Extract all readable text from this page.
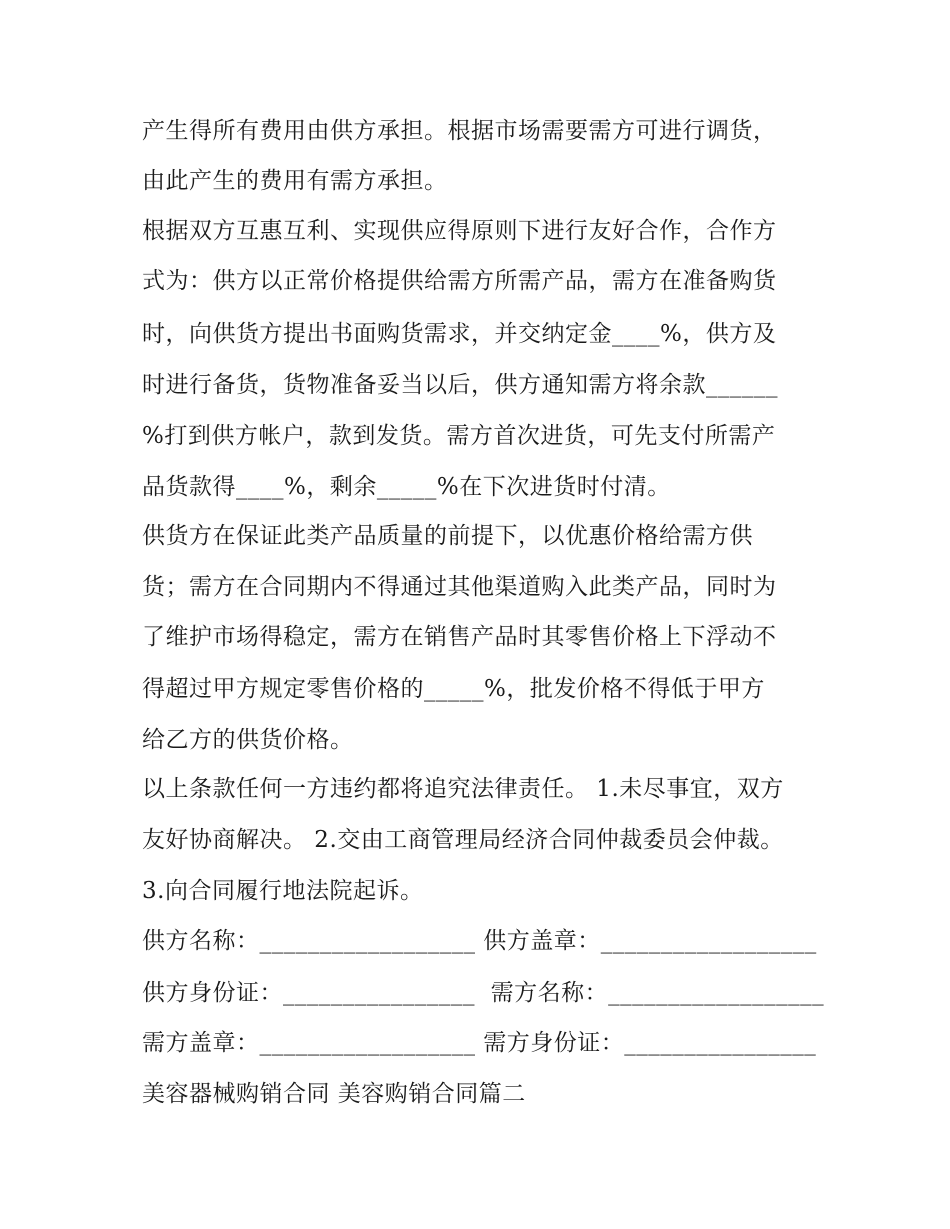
产生得所有费用由供方承担。根据市场需要需方可进行调货，
由此产生的费用有需方承担。
根据双方互惠互利、实现供应得原则下进行友好合作，合作方
式为：供方以正常价格提供给需方所需产品，需方在准备购货
时，向供货方提出书面购货需求，并交纳定金____%，供方及
时进行备货，货物准备妥当以后，供方通知需方将余款______
%打到供方帐户，款到发货。需方首次进货，可先支付所需产
品货款得____%，剩余_____%在下次进货时付清。
供货方在保证此类产品质量的前提下，以优惠价格给需方供
货；需方在合同期内不得通过其他渠道购入此类产品，同时为
了维护市场得稳定，需方在销售产品时其零售价格上下浮动不
得超过甲方规定零售价格的_____%，批发价格不得低于甲方
给乙方的供货价格。
以上条款任何一方违约都将追究法律责任。 1.未尽事宜，双方
友好协商解决。 2.交由工商管理局经济合同仲裁委员会仲裁。
3.向合同履行地法院起诉。
供方名称：__________________ 供方盖章：__________________
供方身份证：________________  需方名称：__________________
需方盖章：__________________ 需方身份证：________________
美容器械购销合同 美容购销合同篇二
